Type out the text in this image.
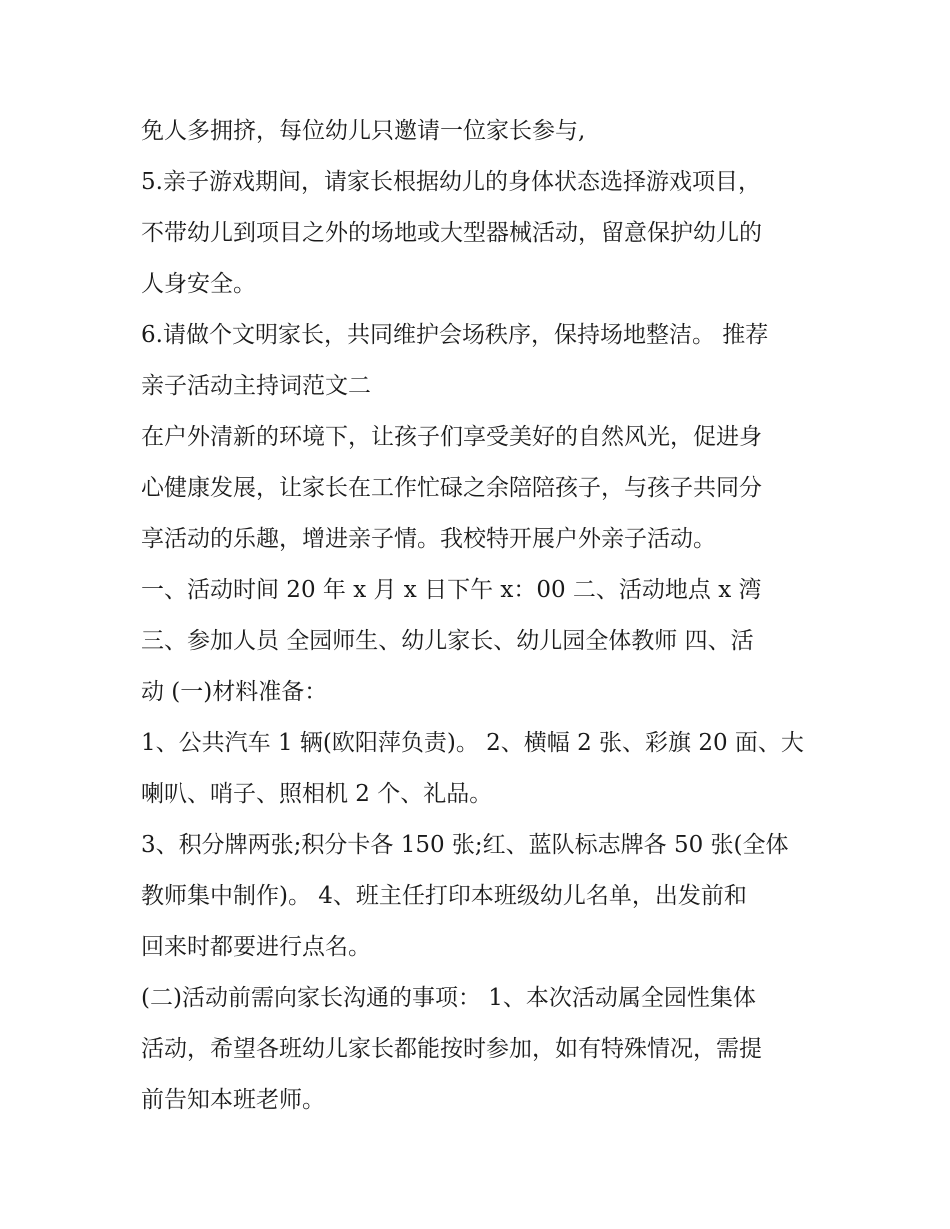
免人多拥挤，每位幼儿只邀请一位家长参与,
5.亲子游戏期间，请家长根据幼儿的身体状态选择游戏项目，
不带幼儿到项目之外的场地或大型器械活动，留意保护幼儿的
人身安全。
6.请做个文明家长，共同维护会场秩序，保持场地整洁。 推荐
亲子活动主持词范文二
在户外清新的环境下，让孩子们享受美好的自然风光，促进身
心健康发展，让家长在工作忙碌之余陪陪孩子，与孩子共同分
享活动的乐趣，增进亲子情。我校特开展户外亲子活动。
一、活动时间 20 年 x 月 x 日下午 x：00 二、活动地点 x 湾
三、参加人员 全园师生、幼儿家长、幼儿园全体教师 四、活
动 (一)材料准备：
1、公共汽车 1 辆(欧阳萍负责)。 2、横幅 2 张、彩旗 20 面、大
喇叭、哨子、照相机 2 个、礼品。
3、积分牌两张;积分卡各 150 张;红、蓝队标志牌各 50 张(全体
教师集中制作)。 4、班主任打印本班级幼儿名单，出发前和
回来时都要进行点名。
(二)活动前需向家长沟通的事项： 1、本次活动属全园性集体
活动，希望各班幼儿家长都能按时参加，如有特殊情况，需提
前告知本班老师。
